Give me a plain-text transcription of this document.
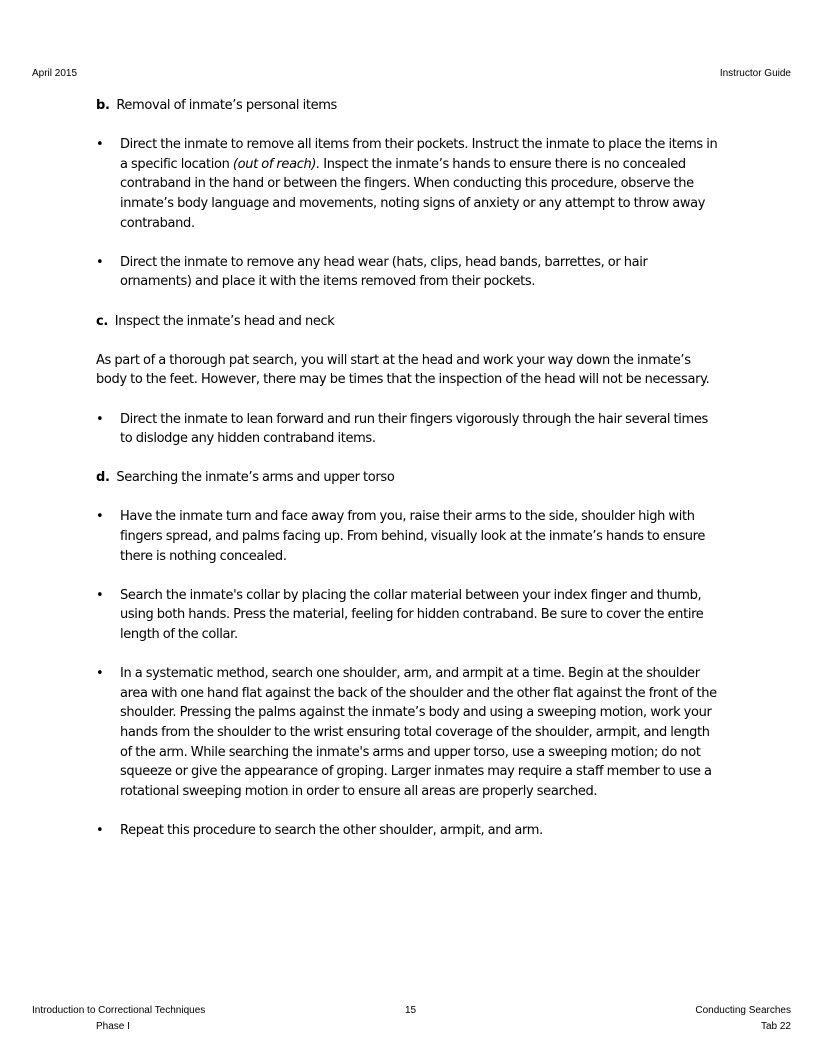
April 2015	Instructor Guide

b. Removal of inmate’s personal items

• Direct the inmate to remove all items from their pockets. Instruct the inmate to place the items in a specific location (out of reach). Inspect the inmate’s hands to ensure there is no concealed contraband in the hand or between the fingers. When conducting this procedure, observe the inmate’s body language and movements, noting signs of anxiety or any attempt to throw away contraband.
• Direct the inmate to remove any head wear (hats, clips, head bands, barrettes, or hair ornaments) and place it with the items removed from their pockets.

c. Inspect the inmate’s head and neck

As part of a thorough pat search, you will start at the head and work your way down the inmate’s body to the feet. However, there may be times that the inspection of the head will not be necessary.

• Direct the inmate to lean forward and run their fingers vigorously through the hair several times to dislodge any hidden contraband items.

d. Searching the inmate’s arms and upper torso

• Have the inmate turn and face away from you, raise their arms to the side, shoulder high with fingers spread, and palms facing up. From behind, visually look at the inmate’s hands to ensure there is nothing concealed.
• Search the inmate's collar by placing the collar material between your index finger and thumb, using both hands. Press the material, feeling for hidden contraband. Be sure to cover the entire length of the collar.
• In a systematic method, search one shoulder, arm, and armpit at a time. Begin at the shoulder area with one hand flat against the back of the shoulder and the other flat against the front of the shoulder. Pressing the palms against the inmate’s body and using a sweeping motion, work your hands from the shoulder to the wrist ensuring total coverage of the shoulder, armpit, and length of the arm. While searching the inmate's arms and upper torso, use a sweeping motion; do not squeeze or give the appearance of groping. Larger inmates may require a staff member to use a rotational sweeping motion in order to ensure all areas are properly searched.
• Repeat this procedure to search the other shoulder, armpit, and arm.
Introduction to Correctional Techniques
Phase I
15	Conducting Searches
Tab 22
